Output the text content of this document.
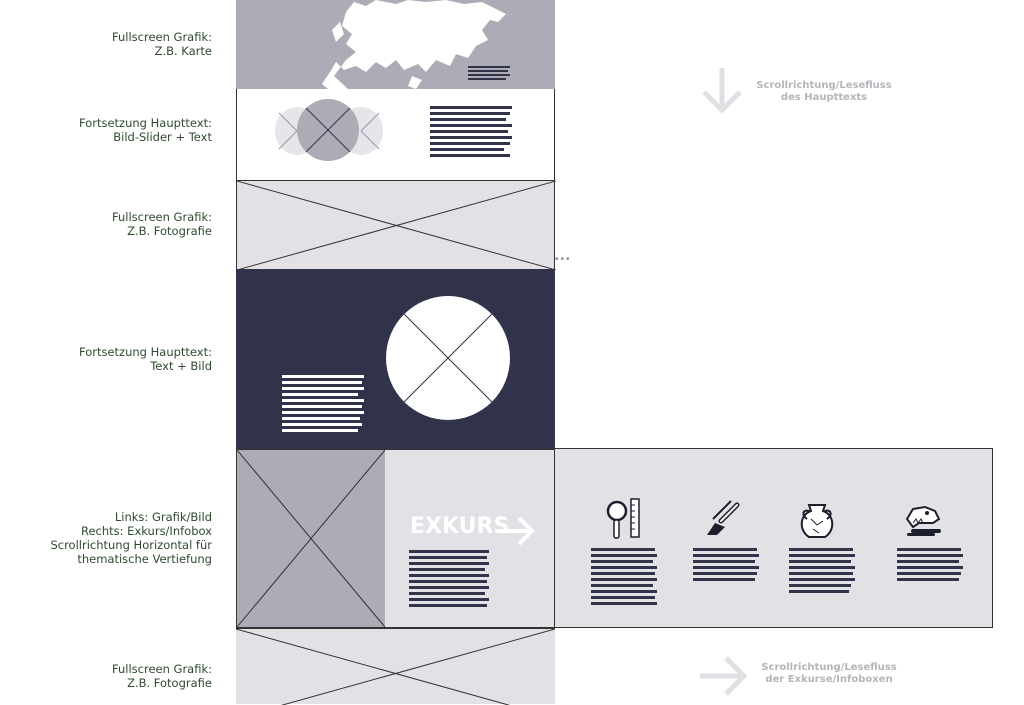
Fullscreen Grafik:
Z.B. Karte
Fortsetzung Haupttext:
Bild-Slider + Text
Fullscreen Grafik:
Z.B. Fotografie
Fortsetzung Haupttext:
Text + Bild
Links: Grafik/Bild
Rechts: Exkurs/Infobox
Scrollrichtung Horizontal für
thematische Vertiefung
Fullscreen Grafik:
Z.B. Fotografie
•••
EXKURS
Scrollrichtung/Lesefluss
des Haupttexts
Scrollrichtung/Lesefluss
der Exkurse/Infoboxen
